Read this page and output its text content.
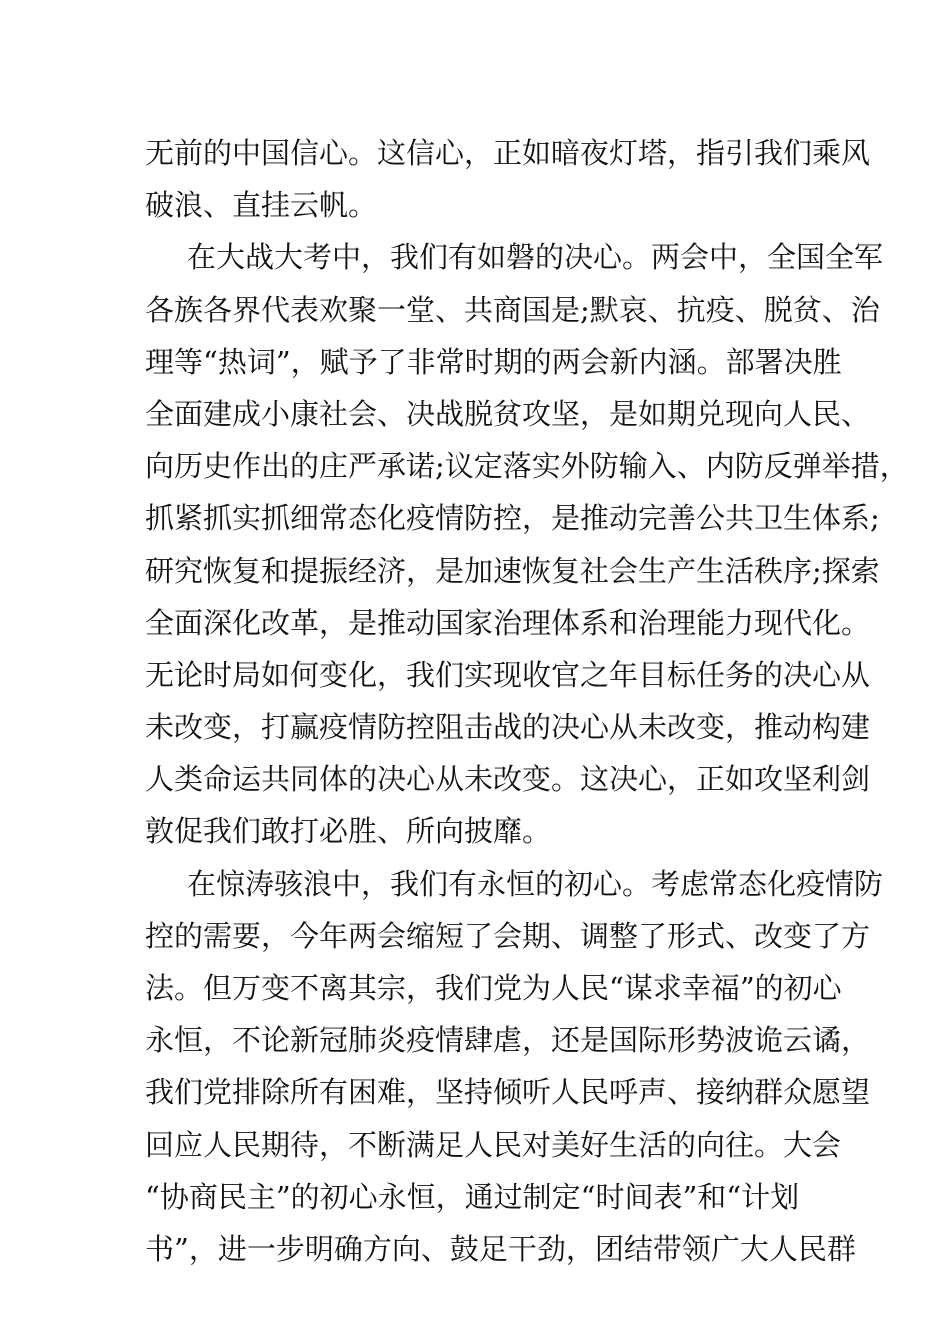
无前的中国信心。这信心，正如暗夜灯塔，指引我们乘风
破浪、直挂云帆。
在大战大考中，我们有如磐的决心。两会中，全国全军
各族各界代表欢聚一堂、共商国是;默哀、抗疫、脱贫、治
理等“热词”，赋予了非常时期的两会新内涵。部署决胜
全面建成小康社会、决战脱贫攻坚，是如期兑现向人民、
向历史作出的庄严承诺;议定落实外防输入、内防反弹举措，
抓紧抓实抓细常态化疫情防控，是推动完善公共卫生体系;
研究恢复和提振经济，是加速恢复社会生产生活秩序;探索
全面深化改革，是推动国家治理体系和治理能力现代化。
无论时局如何变化，我们实现收官之年目标任务的决心从
未改变，打赢疫情防控阻击战的决心从未改变，推动构建
人类命运共同体的决心从未改变。这决心，正如攻坚利剑
敦促我们敢打必胜、所向披靡。
在惊涛骇浪中，我们有永恒的初心。考虑常态化疫情防
控的需要，今年两会缩短了会期、调整了形式、改变了方
法。但万变不离其宗，我们党为人民“谋求幸福”的初心
永恒，不论新冠肺炎疫情肆虐，还是国际形势波诡云谲，
我们党排除所有困难，坚持倾听人民呼声、接纳群众愿望
回应人民期待，不断满足人民对美好生活的向往。大会
“协商民主”的初心永恒，通过制定“时间表”和“计划
书”，进一步明确方向、鼓足干劲，团结带领广大人民群
